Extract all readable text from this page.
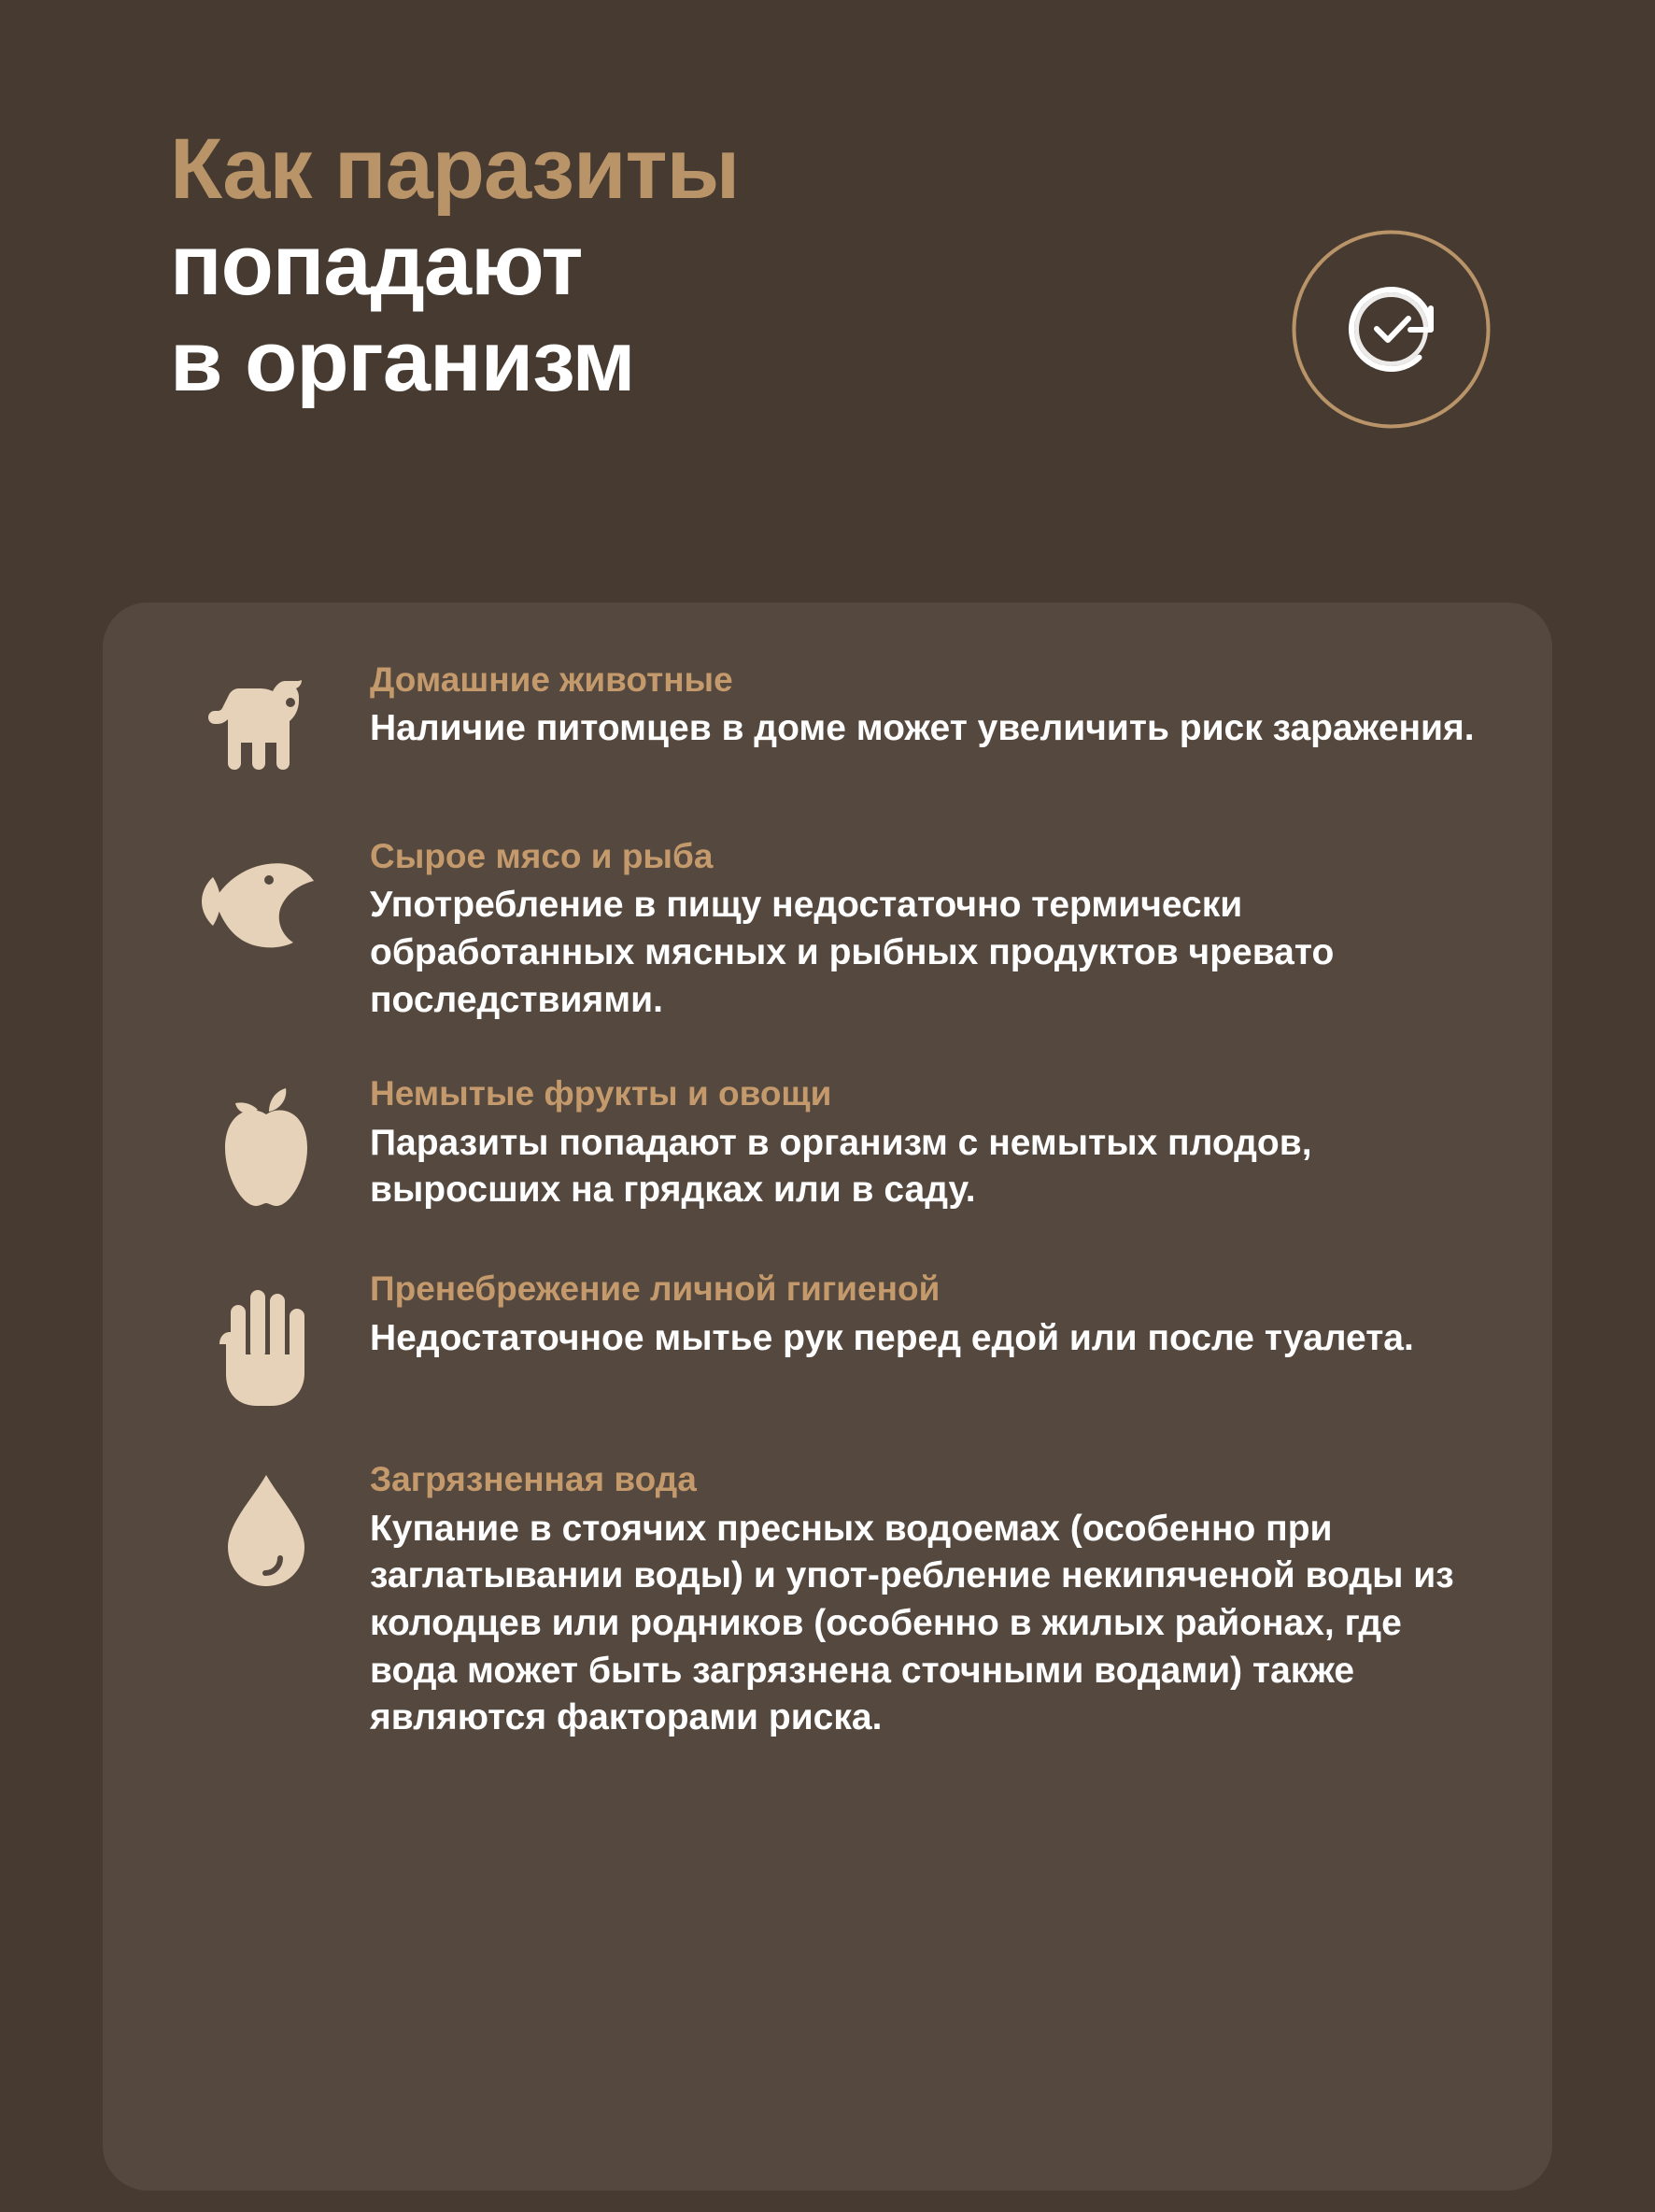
Как паразиты
попадают
в организм

Домашние животные

Наличие питомцев в доме может увеличить риск заражения.

Сырое мясо и рыба

Употребление в пищу недостаточно термически обработанных мясных и рыбных продуктов чревато последствиями.

Немытые фрукты и овощи

Паразиты попадают в организм с немытых плодов, выросших на грядках или в саду.

Пренебрежение личной гигиеной

Недостаточное мытье рук перед едой или после туалета.

Загрязненная вода

Купание в стоячих пресных водоемах (особенно при заглатывании воды) и упот-ребление некипяченой воды из колодцев или родников (особенно в жилых районах, где вода может быть загрязнена сточными водами) также являются факторами риска.
